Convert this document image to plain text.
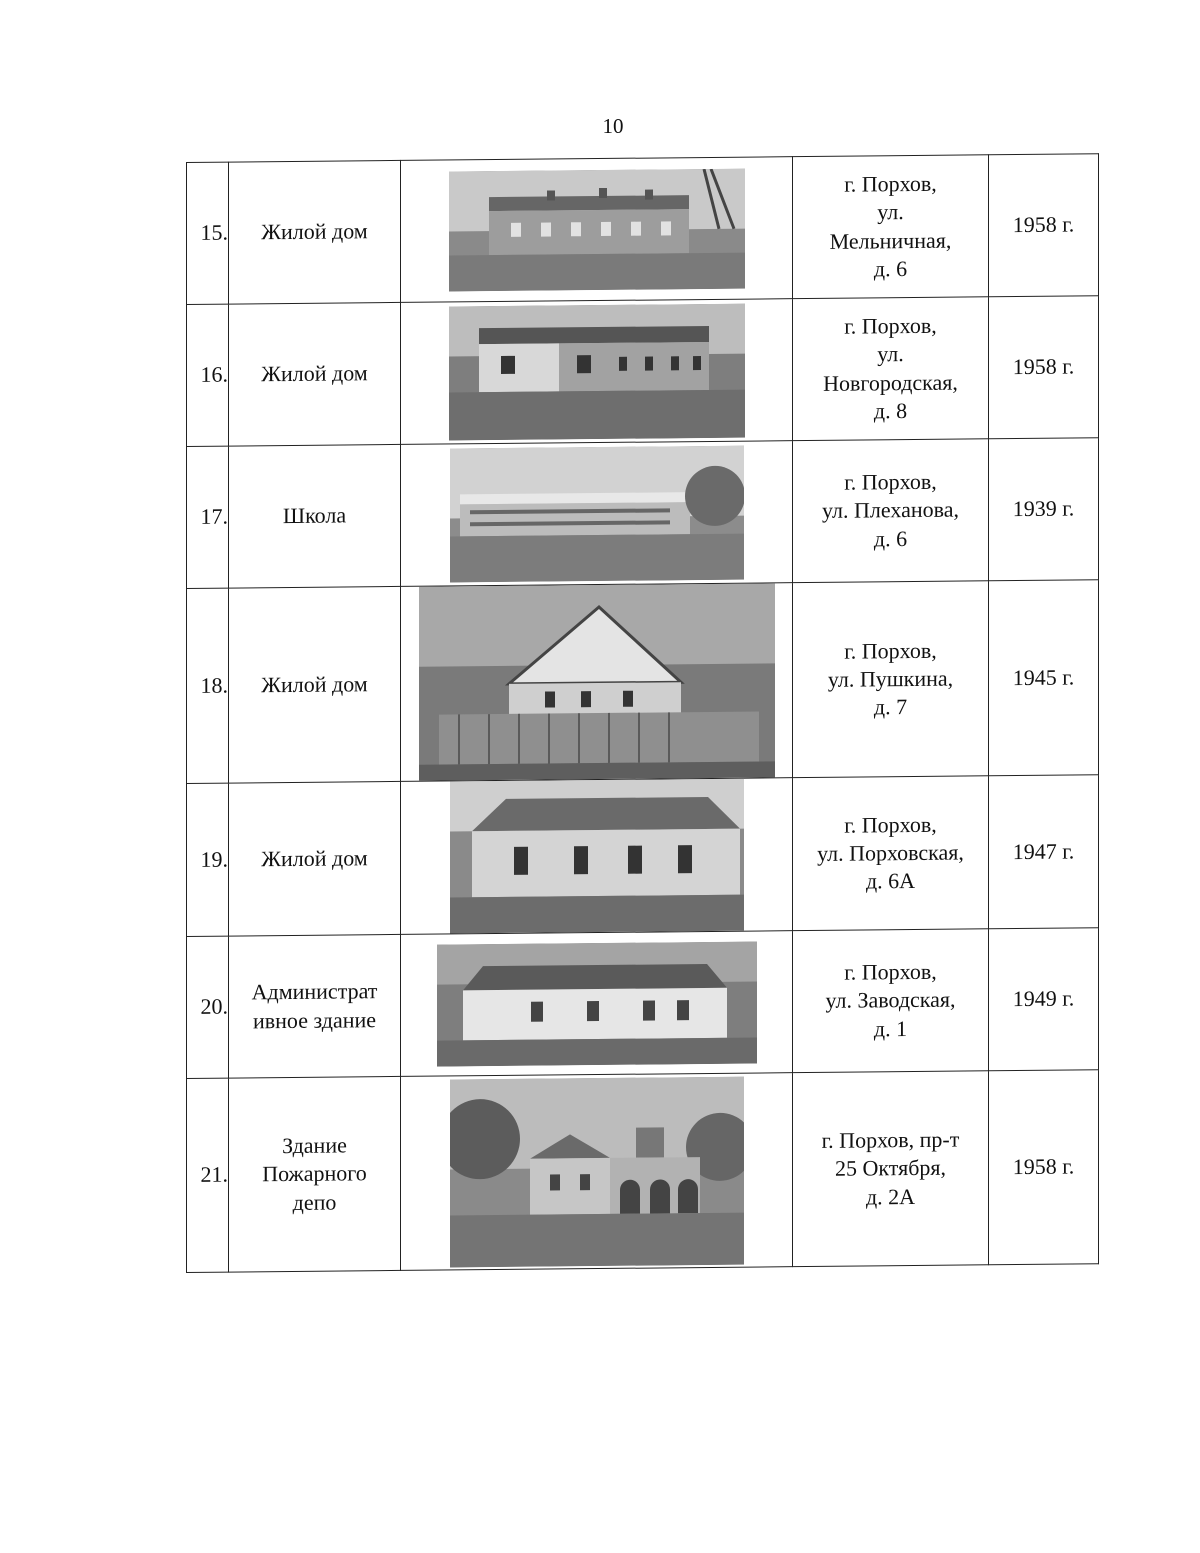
10
15.	Жилой дом		г. Порхов,
ул.
Мельничная,
д. 6	1958 г.
16.	Жилой дом		г. Порхов,
ул.
Новгородская,
д. 8	1958 г.
17.	Школа		г. Порхов,
ул. Плеханова,
д. 6	1939 г.
18.	Жилой дом		г. Порхов,
ул. Пушкина,
д. 7	1945 г.
19.	Жилой дом		г. Порхов,
ул. Порховская,
д. 6А	1947 г.
20.	Администрат
ивное здание		г. Порхов,
ул. Заводская,
д. 1	1949 г.
21.	Здание
Пожарного
депо		г. Порхов, пр-т
25 Октября,
д. 2А	1958 г.
